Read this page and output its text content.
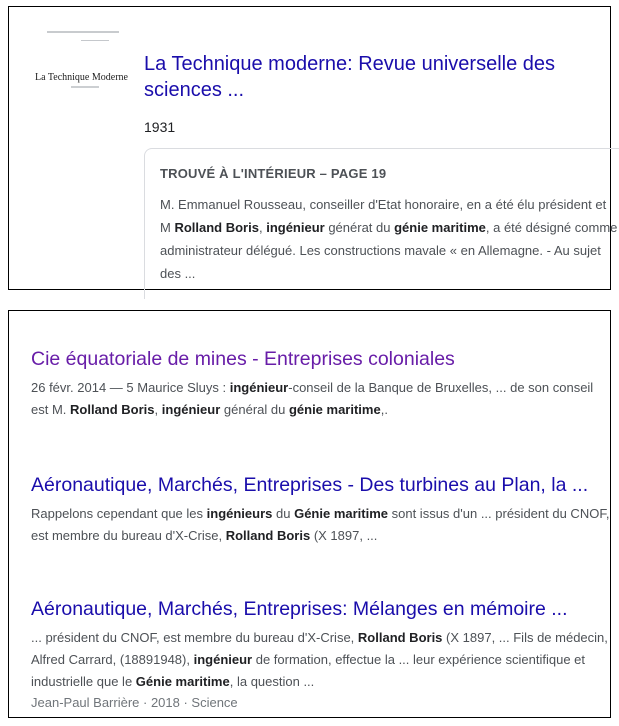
La Technique Moderne
La Technique moderne: Revue universelle des sciences ...
1931
TROUVÉ À L'INTÉRIEUR – PAGE 19
M. Emmanuel Rousseau, conseiller d'Etat honoraire, en a été élu président et M Rolland Boris, ingénieur générat du génie maritime, a été désigné comme administrateur délégué. Les constructions mavale « en Allemagne. - Au sujet des ...
Cie équatoriale de mines - Entreprises coloniales
26 févr. 2014 — 5 Maurice Sluys : ingénieur-conseil de la Banque de Bruxelles, ... de son conseil est M. Rolland Boris, ingénieur général du génie maritime,.
Aéronautique, Marchés, Entreprises - Des turbines au Plan, la ...
Rappelons cependant que les ingénieurs du Génie maritime sont issus d'un ... président du CNOF, est membre du bureau d'X-Crise, Rolland Boris (X 1897, ...
Aéronautique, Marchés, Entreprises: Mélanges en mémoire ...
... président du CNOF, est membre du bureau d'X-Crise, Rolland Boris (X 1897, ... Fils de médecin, Alfred Carrard, (18891948), ingénieur de formation, effectue la ... leur expérience scientifique et industrielle que le Génie maritime, la question ...
Jean-Paul Barrière · 2018 · Science
